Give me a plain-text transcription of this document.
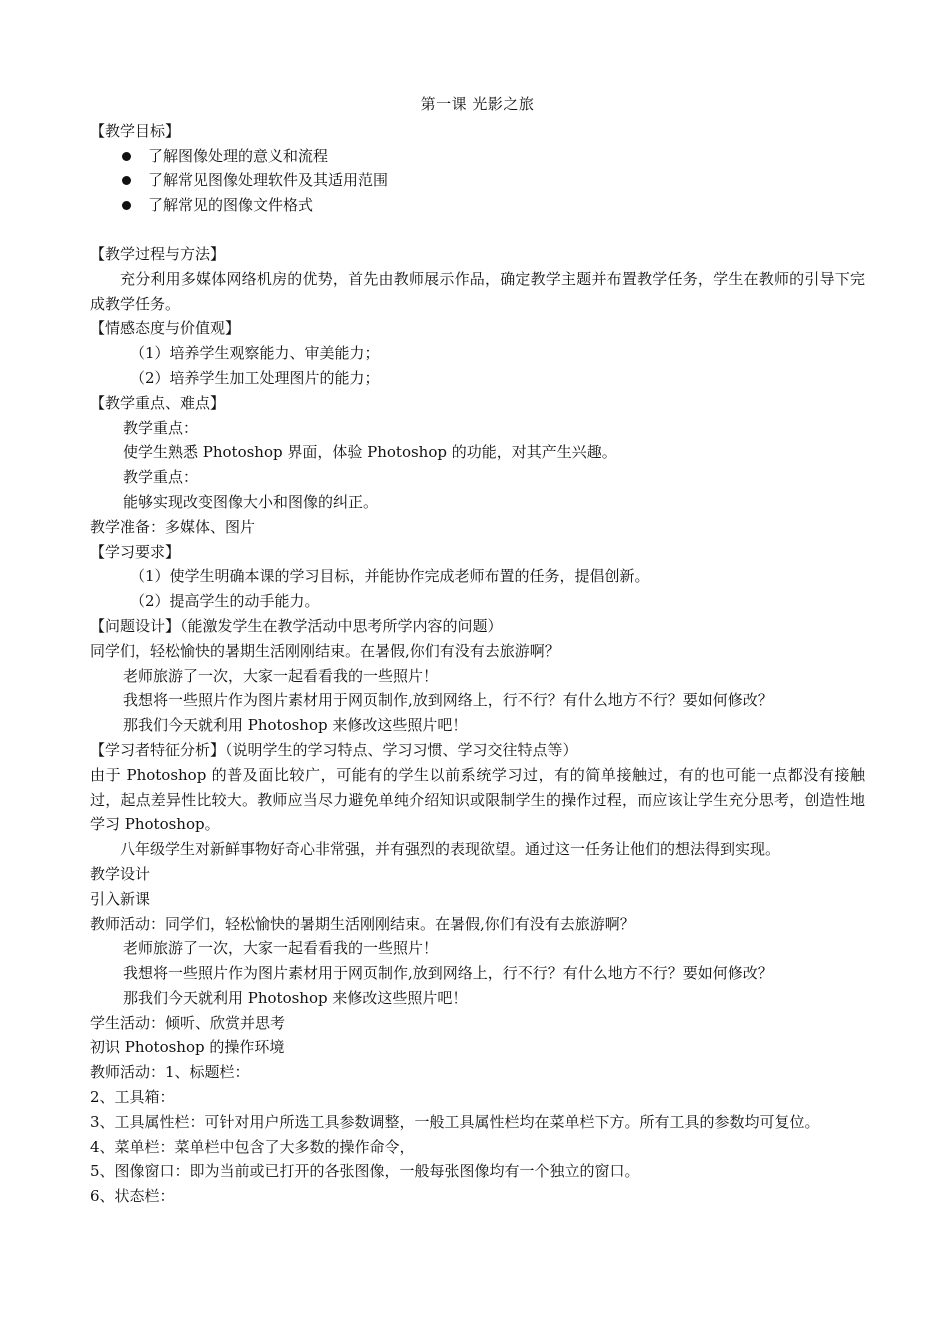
第一课 光影之旅

【教学目标】

了解图像处理的意义和流程
了解常见图像处理软件及其适用范围
了解常见的图像文件格式

【教学过程与方法】

充分利用多媒体网络机房的优势，首先由教师展示作品，确定教学主题并布置教学任务，学生在教师的引导下完成教学任务。

【情感态度与价值观】

（1）培养学生观察能力、审美能力；

（2）培养学生加工处理图片的能力；

【教学重点、难点】

教学重点：

使学生熟悉 Photoshop 界面，体验 Photoshop 的功能，对其产生兴趣。

教学重点：

能够实现改变图像大小和图像的纠正。

教学准备：多媒体、图片

【学习要求】

（1）使学生明确本课的学习目标，并能协作完成老师布置的任务，提倡创新。

（2）提高学生的动手能力。

【问题设计】（能激发学生在教学活动中思考所学内容的问题）

同学们，轻松愉快的暑期生活刚刚结束。在暑假,你们有没有去旅游啊？

老师旅游了一次，大家一起看看我的一些照片！

我想将一些照片作为图片素材用于网页制作,放到网络上，行不行？有什么地方不行？要如何修改？

那我们今天就利用 Photoshop 来修改这些照片吧！

【学习者特征分析】（说明学生的学习特点、学习习惯、学习交往特点等）

由于 Photoshop 的普及面比较广，可能有的学生以前系统学习过，有的简单接触过，有的也可能一点都没有接触过，起点差异性比较大。教师应当尽力避免单纯介绍知识或限制学生的操作过程，而应该让学生充分思考，创造性地学习 Photoshop。

八年级学生对新鲜事物好奇心非常强，并有强烈的表现欲望。通过这一任务让他们的想法得到实现。

教学设计

引入新课

教师活动：同学们，轻松愉快的暑期生活刚刚结束。在暑假,你们有没有去旅游啊？

老师旅游了一次，大家一起看看我的一些照片！

我想将一些照片作为图片素材用于网页制作,放到网络上，行不行？有什么地方不行？要如何修改？

那我们今天就利用 Photoshop 来修改这些照片吧！

学生活动：倾听、欣赏并思考

初识 Photoshop 的操作环境

教师活动：1、标题栏：

2、工具箱：

3、工具属性栏：可针对用户所选工具参数调整，一般工具属性栏均在菜单栏下方。所有工具的参数均可复位。

4、菜单栏：菜单栏中包含了大多数的操作命令，

5、图像窗口：即为当前或已打开的各张图像，一般每张图像均有一个独立的窗口。

6、状态栏：
